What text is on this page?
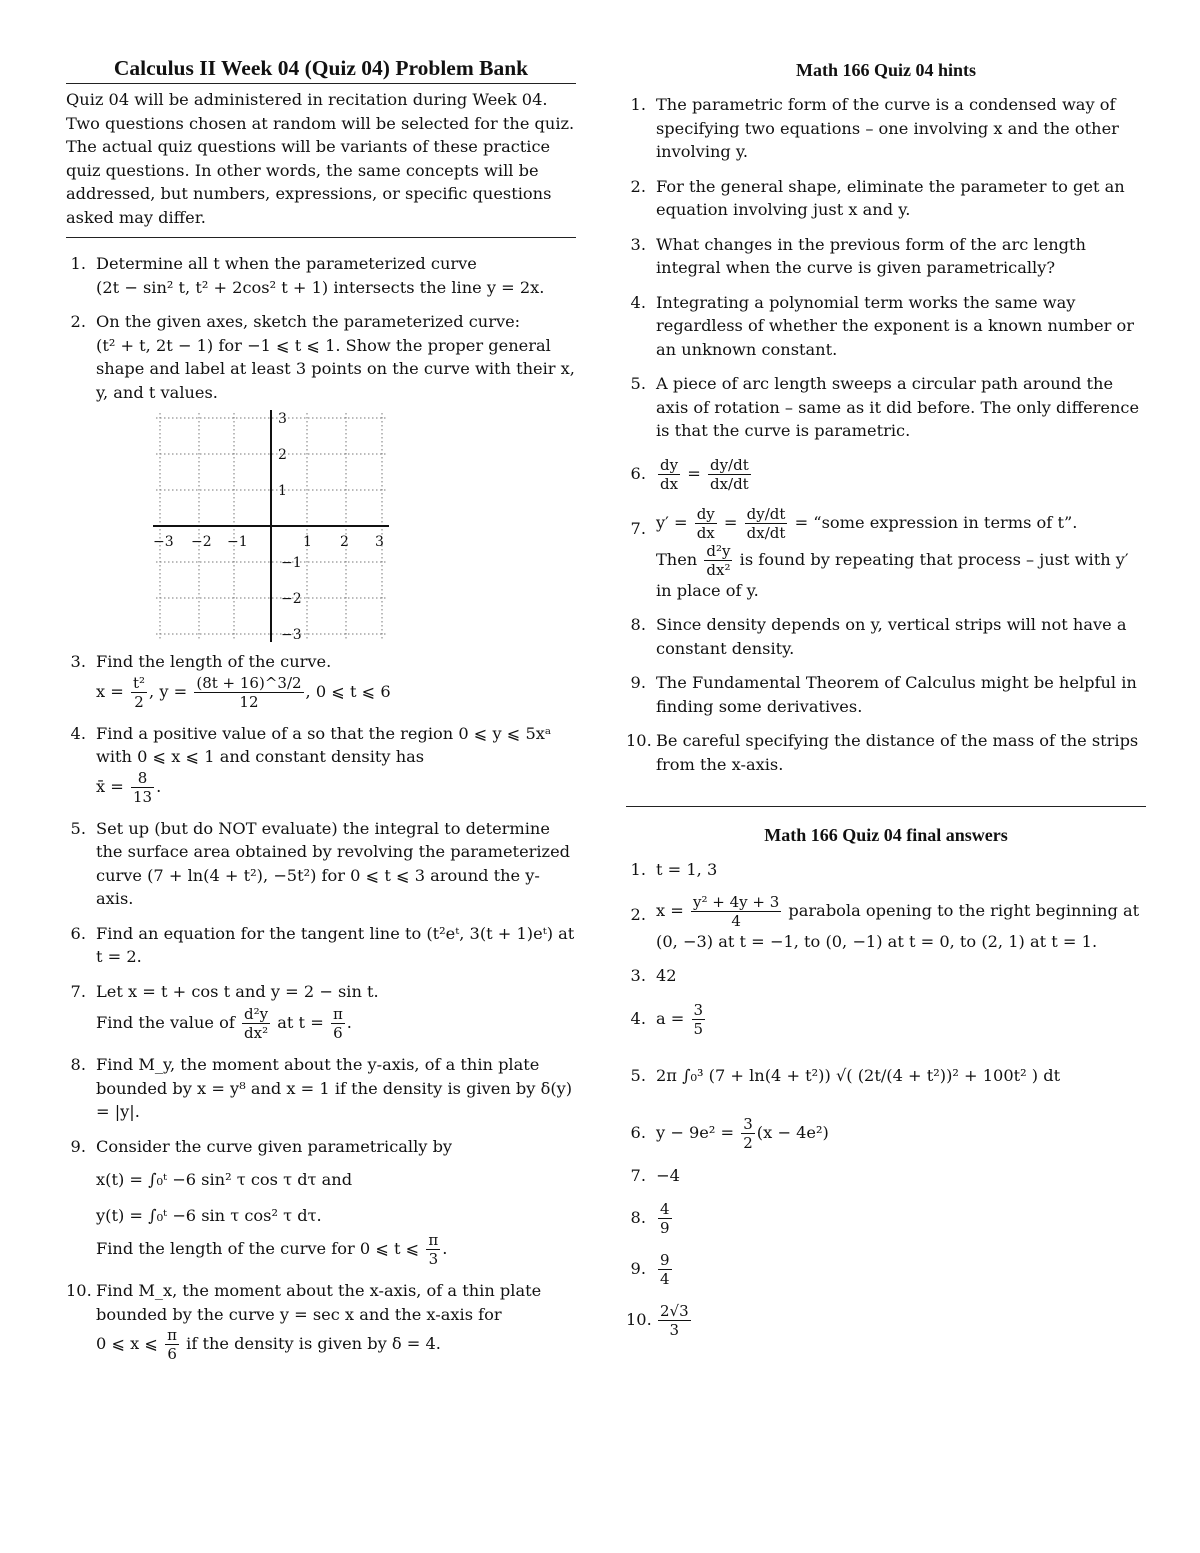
Calculus II Week 04 (Quiz 04) Problem Bank
Quiz 04 will be administered in recitation during Week 04. Two questions chosen at random will be selected for the quiz. The actual quiz questions will be variants of these practice quiz questions. In other words, the same concepts will be addressed, but numbers, expressions, or specific questions asked may differ.
1. Determine all t when the parameterized curve
(2t − sin² t, t² + 2cos² t + 1) intersects the line y = 2x.
2. On the given axes, sketch the parameterized curve:
(t² + t, 2t − 1) for −1 ⩽ t ⩽ 1. Show the proper general shape and label at least 3 points on the curve with their x, y, and t values.
−3 −2 −1	1 2 3
3
2
1
−1
−2
−3
3. Find the length of the curve.
$x = \frac{\text{t²}}{2}$ , $y = \frac{(8t + 16)\^{}3/2}{12}$ , 0 ⩽ t ⩽ 6
4. Find a positive value of a so that the region 0 ⩽ y ⩽ 5xᵃ with 0 ⩽ x ⩽ 1 and constant density has
x̄ = $\frac{8}{13}$ .
5. Set up (but do NOT evaluate) the integral to determine the surface area obtained by revolving the parameterized curve (7 + ln(4 + t²), −5t²) for 0 ⩽ t ⩽ 3 around the y-axis.
6. Find an equation for the tangent line to (t²eᵗ, 3(t + 1)eᵗ) at t = 2.
7. Let x = t + cos t and y = 2 − sin t.
Find the value of $\frac{\text{d²y}}{\text{dx²}}$ at $t = \frac{\pi}{6}$ .
8. Find M_y, the moment about the y-axis, of a thin plate bounded by x = y⁸ and x = 1 if the density is given by δ(y) = |y|.
9. Consider the curve given parametrically by
x(t) = ∫₀ᵗ −6 sin² τ cos τ dτ and
y(t) = ∫₀ᵗ −6 sin τ cos² τ dτ.
Find the length of the curve for 0 ⩽ t ⩽ $\frac{\pi}{3}$ .
10. Find M_x, the moment about the x-axis, of a thin plate bounded by the curve y = sec x and the x-axis for
0 ⩽ x ⩽ $\frac{\pi}{6}$ if the density is given by δ = 4.
Math 166 Quiz 04 hints
1. The parametric form of the curve is a condensed way of specifying two equations – one involving x and the other involving y.
2. For the general shape, eliminate the parameter to get an equation involving just x and y.
3. What changes in the previous form of the arc length integral when the curve is given parametrically?
4. Integrating a polynomial term works the same way regardless of whether the exponent is a known number or an unknown constant.
5. A piece of arc length sweeps a circular path around the axis of rotation – same as it did before. The only difference is that the curve is parametric.
6. $\frac{dy}{dx} = \frac{dy/dt}{dx/dt}$
7. $y' = \frac{dy}{dx} = \frac{dy/dt}{dx/dt}$ = “some expression in terms of t”.
Then $\frac{\text{d²y}}{\text{dx²}}$ is found by repeating that process – just with y′ in place of y.
8. Since density depends on y, vertical strips will not have a constant density.
9. The Fundamental Theorem of Calculus might be helpful in finding some derivatives.
10. Be careful specifying the distance of the mass of the strips from the x-axis.
Math 166 Quiz 04 final answers
1. t = 1, 3
2. $x = \frac{\text{y² + 4y + 3}}{4}$ parabola opening to the right beginning at (0, −3) at t = −1, to (0, −1) at t = 0, to (2, 1) at t = 1.
3. 42
4. $a = \frac{3}{5}$
5. 2π ∫₀³ (7 + ln(4 + t²)) √( (2t/(4 + t²))² + 100t² ) dt
6. $y - 9e^2 = \frac{3}{2} (x - 4e^2)$
7. −4
8. $\frac{4}{9}$
9. $\frac{9}{4}$
10. $\frac{2√3}{3}$
